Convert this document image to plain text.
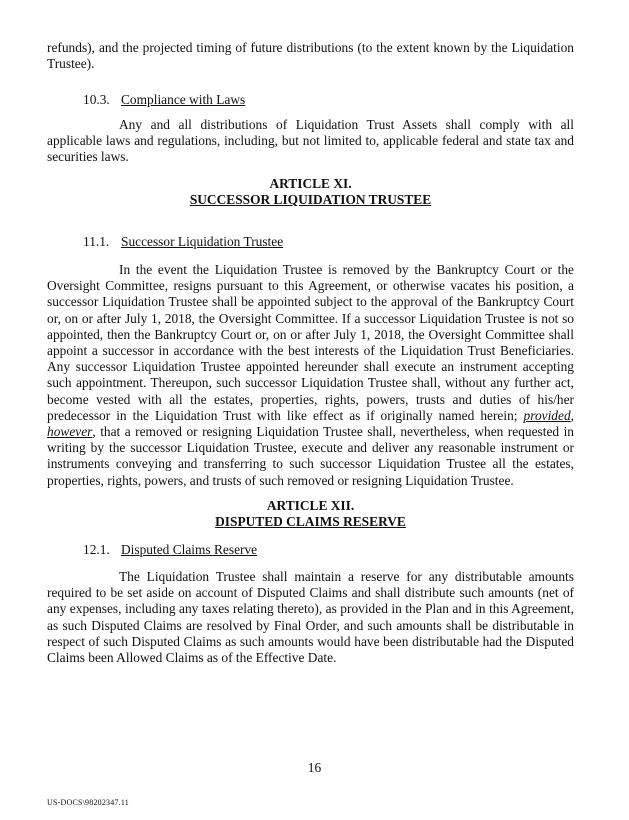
refunds), and the projected timing of future distributions (to the extent known by the Liquidation Trustee).

10.3. Compliance with Laws

Any and all distributions of Liquidation Trust Assets shall comply with all applicable laws and regulations, including, but not limited to, applicable federal and state tax and securities laws.

ARTICLE XI.
SUCCESSOR LIQUIDATION TRUSTEE
11.1. Successor Liquidation Trustee

In the event the Liquidation Trustee is removed by the Bankruptcy Court or the Oversight Committee, resigns pursuant to this Agreement, or otherwise vacates his position, a successor Liquidation Trustee shall be appointed subject to the approval of the Bankruptcy Court or, on or after July 1, 2018, the Oversight Committee. If a successor Liquidation Trustee is not so appointed, then the Bankruptcy Court or, on or after July 1, 2018, the Oversight Committee shall appoint a successor in accordance with the best interests of the Liquidation Trust Beneficiaries. Any successor Liquidation Trustee appointed hereunder shall execute an instrument accepting such appointment. Thereupon, such successor Liquidation Trustee shall, without any further act, become vested with all the estates, properties, rights, powers, trusts and duties of his/her predecessor in the Liquidation Trust with like effect as if originally named herein; provided, however, that a removed or resigning Liquidation Trustee shall, nevertheless, when requested in writing by the successor Liquidation Trustee, execute and deliver any reasonable instrument or instruments conveying and transferring to such successor Liquidation Trustee all the estates, properties, rights, powers, and trusts of such removed or resigning Liquidation Trustee.

ARTICLE XII.
DISPUTED CLAIMS RESERVE
12.1. Disputed Claims Reserve

The Liquidation Trustee shall maintain a reserve for any distributable amounts required to be set aside on account of Disputed Claims and shall distribute such amounts (net of any expenses, including any taxes relating thereto), as provided in the Plan and in this Agreement, as such Disputed Claims are resolved by Final Order, and such amounts shall be distributable in respect of such Disputed Claims as such amounts would have been distributable had the Disputed Claims been Allowed Claims as of the Effective Date.

16
US-DOCS\98202347.11
